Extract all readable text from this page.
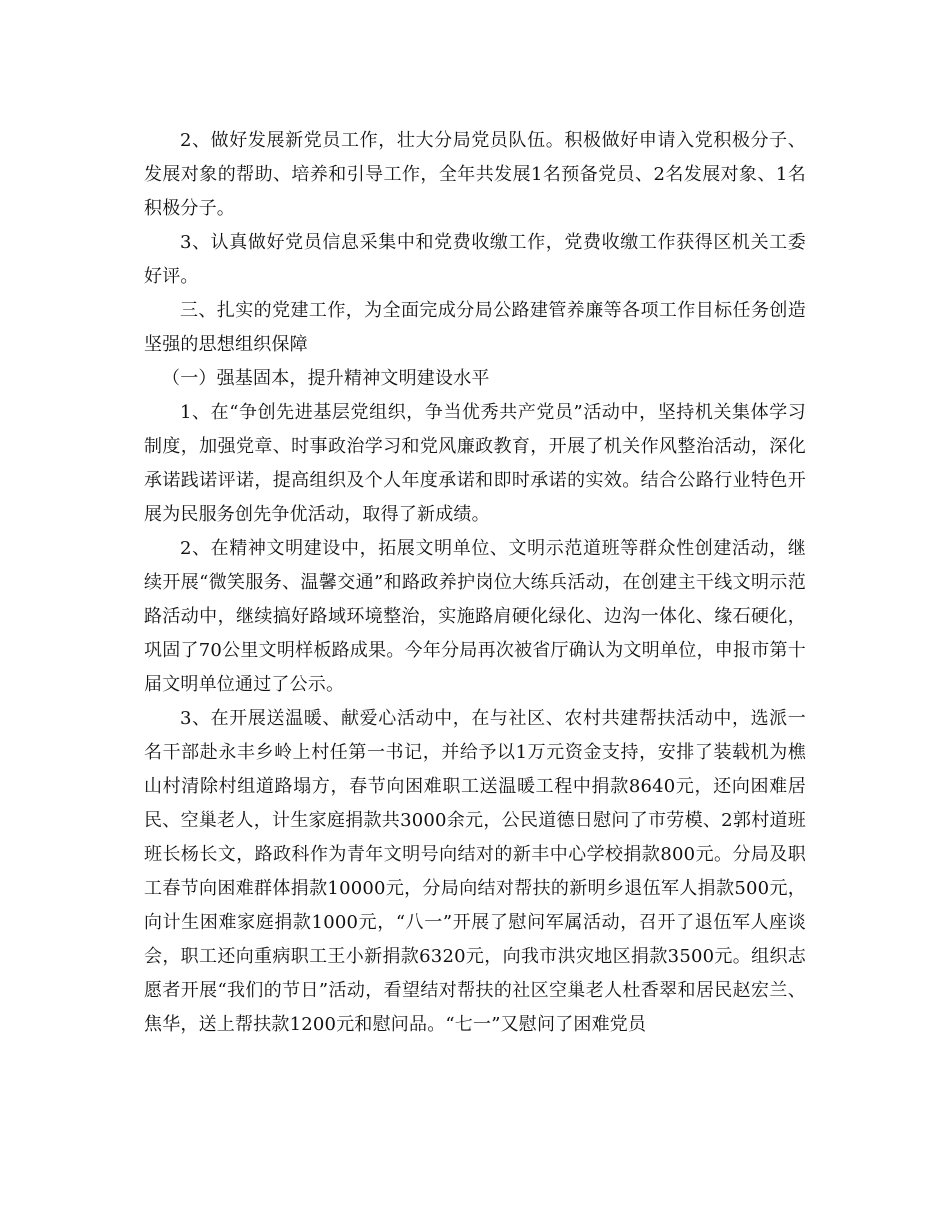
2、做好发展新党员工作，壮大分局党员队伍。积极做好申请入党积极分子、发展对象的帮助、培养和引导工作，全年共发展1名预备党员、2名发展对象、1名积极分子。

3、认真做好党员信息采集中和党费收缴工作，党费收缴工作获得区机关工委好评。

三、扎实的党建工作，为全面完成分局公路建管养廉等各项工作目标任务创造坚强的思想组织保障

（一）强基固本，提升精神文明建设水平

1、在“争创先进基层党组织，争当优秀共产党员”活动中，坚持机关集体学习制度，加强党章、时事政治学习和党风廉政教育，开展了机关作风整治活动，深化承诺践诺评诺，提高组织及个人年度承诺和即时承诺的实效。结合公路行业特色开展为民服务创先争优活动，取得了新成绩。

2、在精神文明建设中，拓展文明单位、文明示范道班等群众性创建活动，继续开展“微笑服务、温馨交通”和路政养护岗位大练兵活动，在创建主干线文明示范路活动中，继续搞好路域环境整治，实施路肩硬化绿化、边沟一体化、缘石硬化，巩固了70公里文明样板路成果。今年分局再次被省厅确认为文明单位，申报市第十届文明单位通过了公示。

3、在开展送温暖、献爱心活动中，在与社区、农村共建帮扶活动中，选派一名干部赴永丰乡岭上村任第一书记，并给予以1万元资金支持，安排了装载机为樵山村清除村组道路塌方，春节向困难职工送温暖工程中捐款8640元，还向困难居民、空巢老人，计生家庭捐款共3000余元，公民道德日慰问了市劳模、2郭村道班班长杨长文，路政科作为青年文明号向结对的新丰中心学校捐款800元。分局及职工春节向困难群体捐款10000元，分局向结对帮扶的新明乡退伍军人捐款500元，向计生困难家庭捐款1000元，“八一”开展了慰问军属活动，召开了退伍军人座谈会，职工还向重病职工王小新捐款6320元，向我市洪灾地区捐款3500元。组织志愿者开展“我们的节日”活动，看望结对帮扶的社区空巢老人杜香翠和居民赵宏兰、焦华，送上帮扶款1200元和慰问品。“七一”又慰问了困难党员
